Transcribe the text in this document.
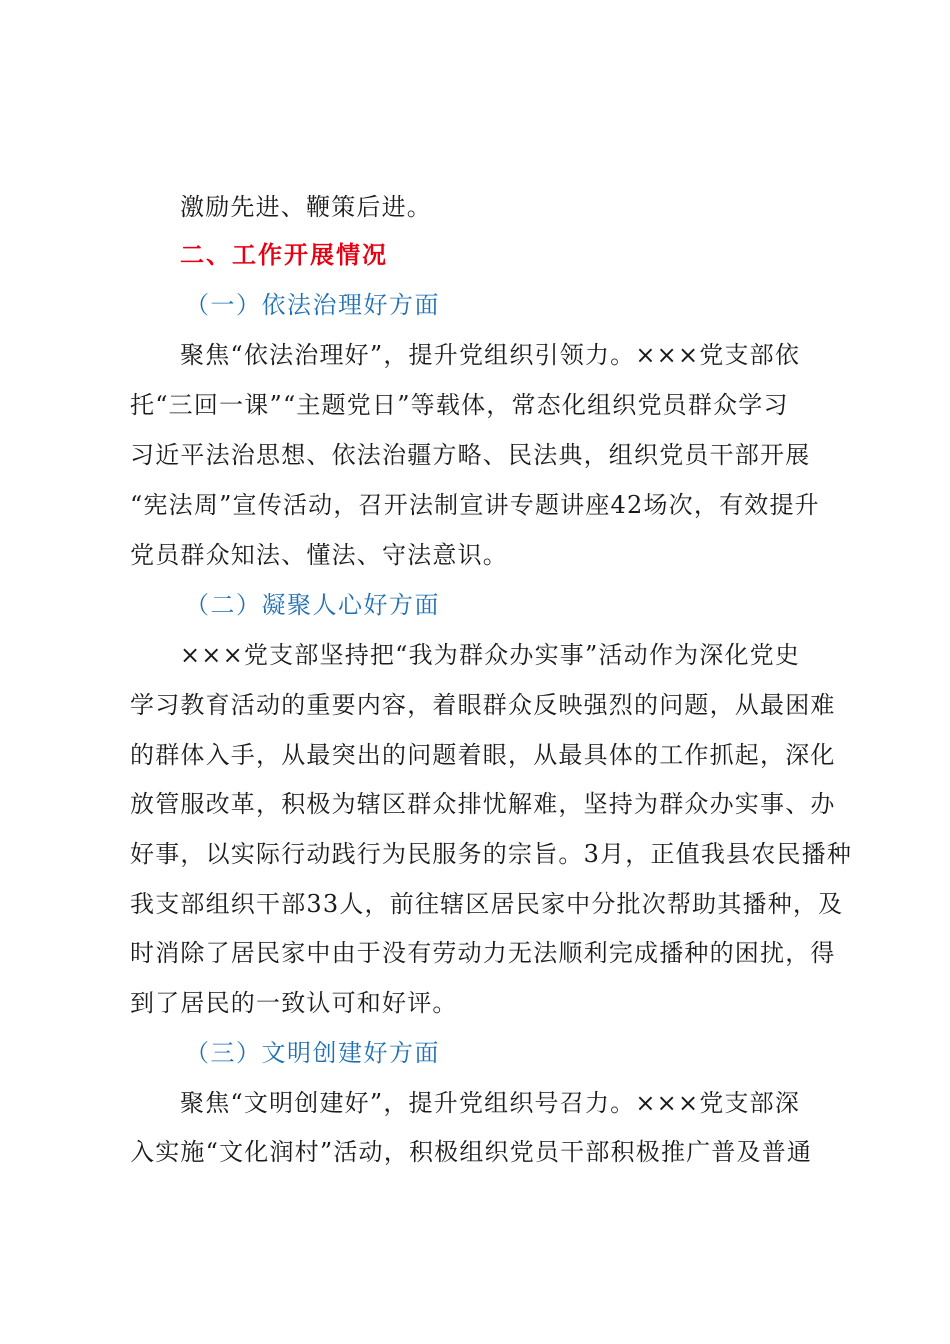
激励先进、鞭策后进。
二、工作开展情况
（一）依法治理好方面
聚焦“依法治理好”，提升党组织引领力。×××党支部依
托“三回一课”“主题党日”等载体，常态化组织党员群众学习
习近平法治思想、依法治疆方略、民法典，组织党员干部开展
“宪法周”宣传活动，召开法制宣讲专题讲座42场次，有效提升
党员群众知法、懂法、守法意识。
（二）凝聚人心好方面
×××党支部坚持把“我为群众办实事”活动作为深化党史
学习教育活动的重要内容，着眼群众反映强烈的问题，从最困难
的群体入手，从最突出的问题着眼，从最具体的工作抓起，深化
放管服改革，积极为辖区群众排忧解难，坚持为群众办实事、办
好事，以实际行动践行为民服务的宗旨。3月，正值我县农民播种
我支部组织干部33人，前往辖区居民家中分批次帮助其播种，及
时消除了居民家中由于没有劳动力无法顺利完成播种的困扰，得
到了居民的一致认可和好评。
（三）文明创建好方面
聚焦“文明创建好”，提升党组织号召力。×××党支部深
入实施“文化润村”活动，积极组织党员干部积极推广普及普通
